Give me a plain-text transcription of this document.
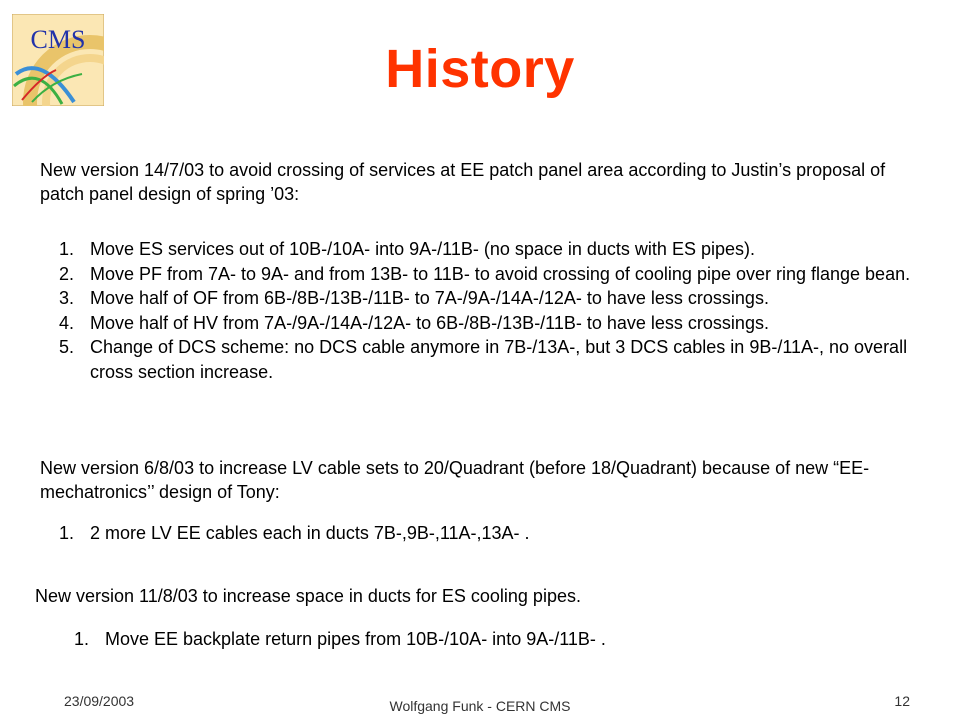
CMS	History

New version 14/7/03 to avoid crossing of services at EE patch panel area according to Justin’s proposal of patch panel design of spring ’03:

1. Move ES services out of 10B-/10A- into 9A-/11B- (no space in ducts with ES pipes).
2. Move PF from 7A- to 9A- and from 13B- to 11B- to avoid crossing of cooling pipe over ring flange bean.
3. Move half of OF from 6B-/8B-/13B-/11B- to 7A-/9A-/14A-/12A- to have less crossings.
4. Move half of HV from 7A-/9A-/14A-/12A- to 6B-/8B-/13B-/11B- to have less crossings.
5. Change of DCS scheme: no DCS cable anymore in 7B-/13A-, but 3 DCS cables in 9B-/11A-, no overall cross section increase.

New version 6/8/03 to increase LV cable sets to 20/Quadrant (before 18/Quadrant) because of new “EE-mechatronics’’ design of Tony:

1. 2 more LV EE cables each in ducts 7B-,9B-,11A-,13A- .

New version 11/8/03 to increase space in ducts for ES cooling pipes.

1. Move EE backplate return pipes from 10B-/10A- into 9A-/11B- .
23/09/2003	Wolfgang Funk - CERN CMS	12
